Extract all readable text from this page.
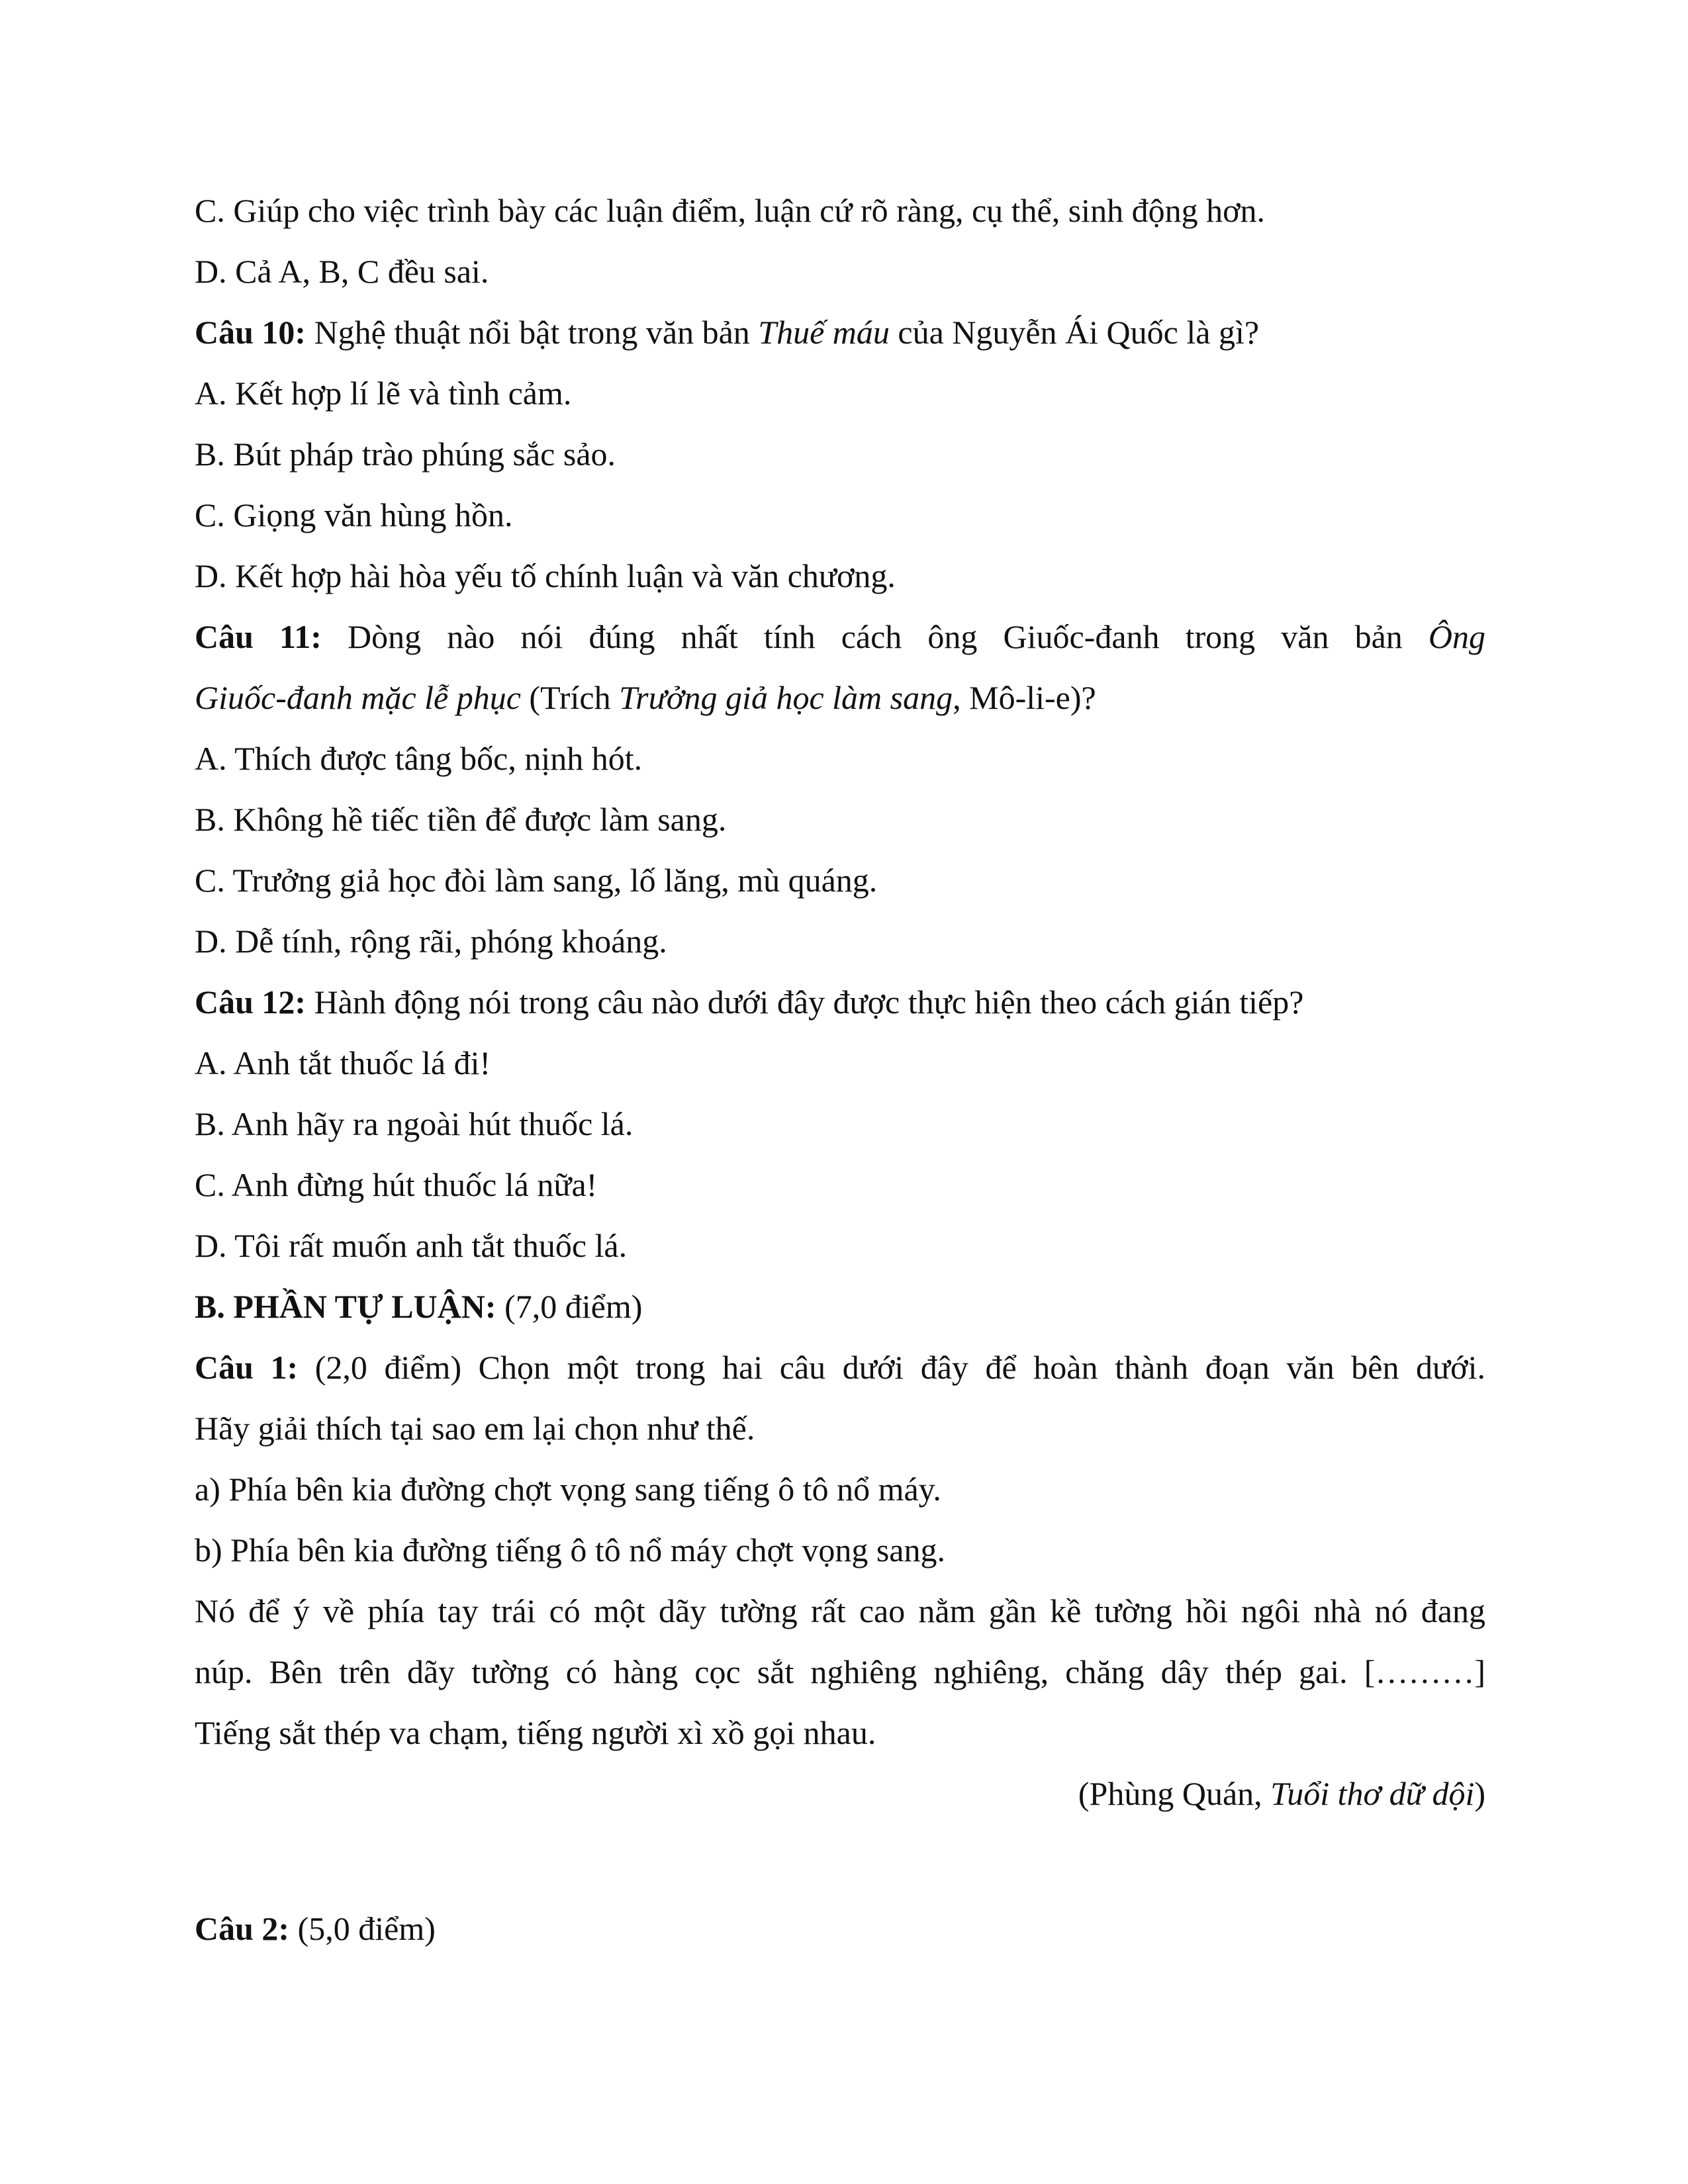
C. Giúp cho việc trình bày các luận điểm, luận cứ rõ ràng, cụ thể, sinh động hơn.
D. Cả A, B, C đều sai.
Câu 10: Nghệ thuật nổi bật trong văn bản Thuế máu của Nguyễn Ái Quốc là gì?
A. Kết hợp lí lẽ và tình cảm.
B. Bút pháp trào phúng sắc sảo.
C. Giọng văn hùng hồn.
D. Kết hợp hài hòa yếu tố chính luận và văn chương.
Câu 11: Dòng nào nói đúng nhất tính cách ông Giuốc-đanh trong văn bản Ông
Giuốc-đanh mặc lễ phục (Trích Trưởng giả học làm sang, Mô-li-e)?
A. Thích được tâng bốc, nịnh hót.
B. Không hề tiếc tiền để được làm sang.
C. Trưởng giả học đòi làm sang, lố lăng, mù quáng.
D. Dễ tính, rộng rãi, phóng khoáng.
Câu 12: Hành động nói trong câu nào dưới đây được thực hiện theo cách gián tiếp?
A. Anh tắt thuốc lá đi!
B. Anh hãy ra ngoài hút thuốc lá.
C. Anh đừng hút thuốc lá nữa!
D. Tôi rất muốn anh tắt thuốc lá.
B. PHẦN TỰ LUẬN: (7,0 điểm)
Câu 1: (2,0 điểm) Chọn một trong hai câu dưới đây để hoàn thành đoạn văn bên dưới.
Hãy giải thích tại sao em lại chọn như thế.
a) Phía bên kia đường chợt vọng sang tiếng ô tô nổ máy.
b) Phía bên kia đường tiếng ô tô nổ máy chợt vọng sang.
Nó để ý về phía tay trái có một dãy tường rất cao nằm gần kề tường hồi ngôi nhà nó đang
núp. Bên trên dãy tường có hàng cọc sắt nghiêng nghiêng, chăng dây thép gai. [………]
Tiếng sắt thép va chạm, tiếng người xì xồ gọi nhau.
(Phùng Quán, Tuổi thơ dữ dội)
Câu 2: (5,0 điểm)
